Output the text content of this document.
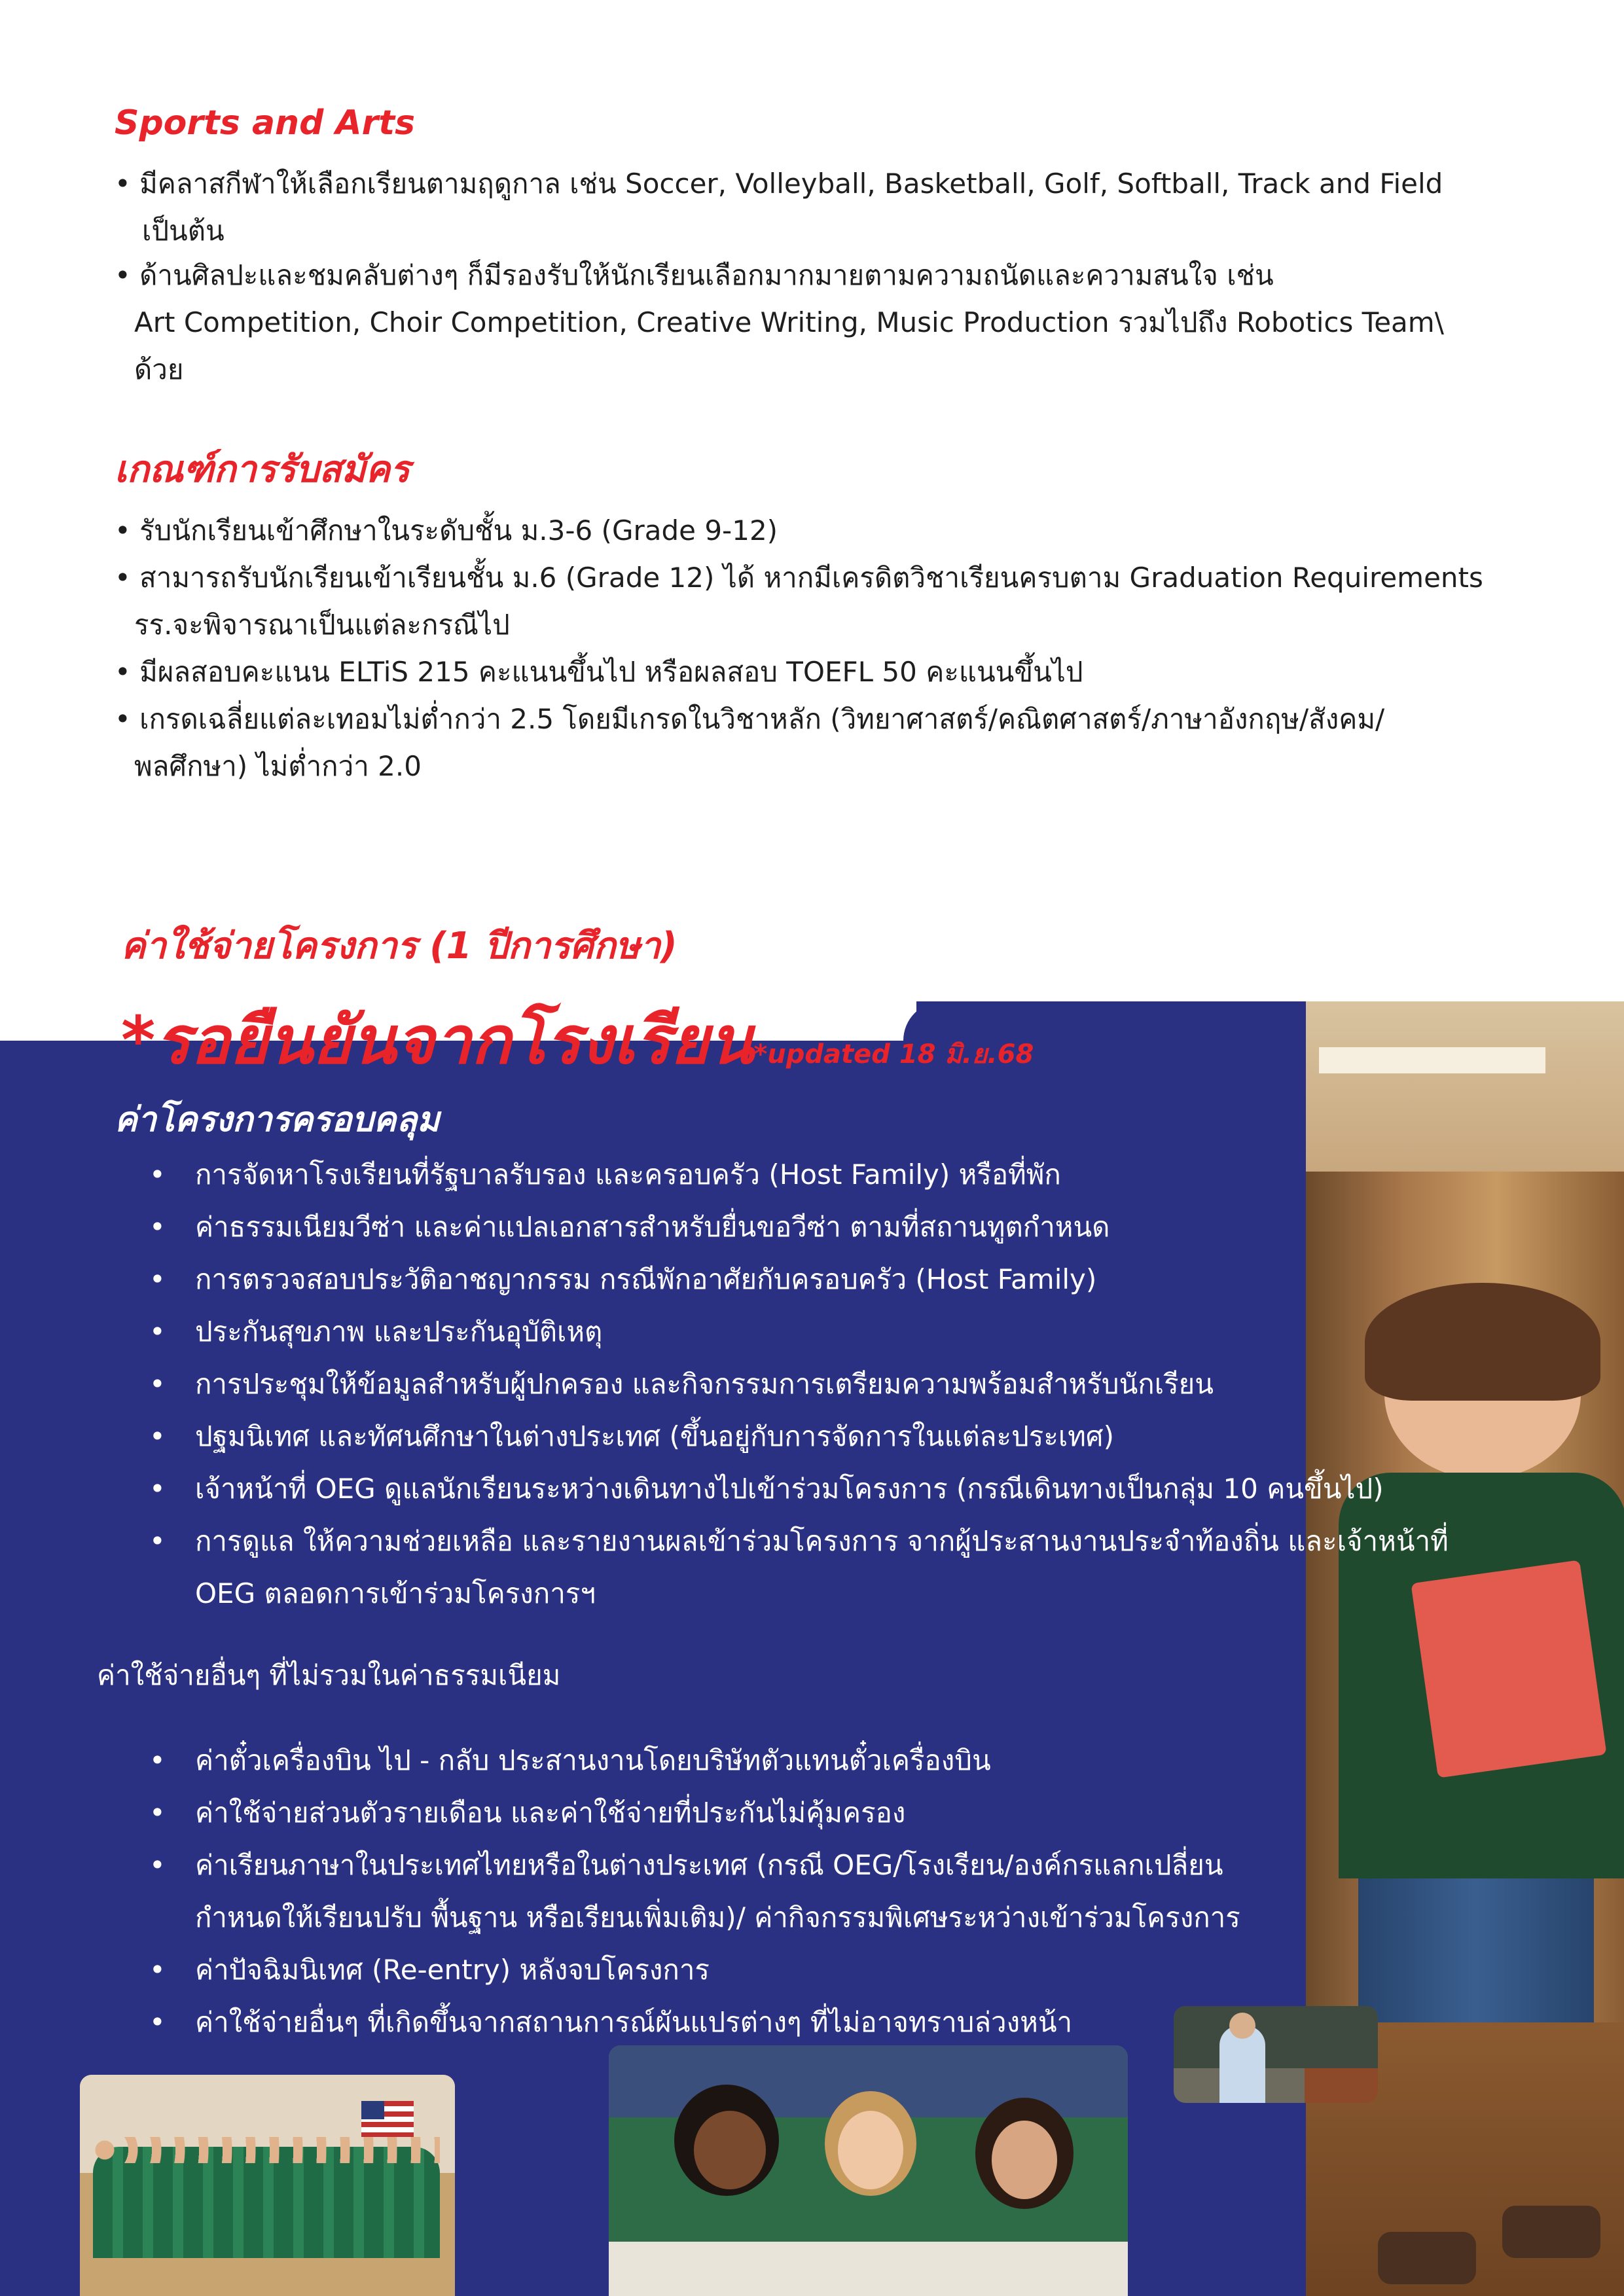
Sports and Arts
• มีคลาสกีฬาให้เลือกเรียนตามฤดูกาล เช่น Soccer, Volleyball, Basketball, Golf, Softball, Track and Field
เป็นต้น
• ด้านศิลปะและชมคลับต่างๆ ก็มีรองรับให้นักเรียนเลือกมากมายตามความถนัดและความสนใจ เช่น
Art Competition, Choir Competition, Creative Writing, Music Production รวมไปถึง Robotics Team\
ด้วย
เกณฑ์การรับสมัคร
• รับนักเรียนเข้าศึกษาในระดับชั้น ม.3-6 (Grade 9-12)
• สามารถรับนักเรียนเข้าเรียนชั้น ม.6 (Grade 12) ได้ หากมีเครดิตวิชาเรียนครบตาม Graduation Requirements
รร.จะพิจารณาเป็นแต่ละกรณีไป
• มีผลสอบคะแนน ELTiS 215 คะแนนขึ้นไป หรือผลสอบ TOEFL 50 คะแนนขึ้นไป
• เกรดเฉลี่ยแต่ละเทอมไม่ต่ำกว่า 2.5 โดยมีเกรดในวิชาหลัก (วิทยาศาสตร์/คณิตศาสตร์/ภาษาอังกฤษ/สังคม/
พลศึกษา) ไม่ต่ำกว่า 2.0
ค่าใช้จ่ายโครงการ (1 ปีการศึกษา)
*รอยืนยันจากโรงเรียน*updated 18 มิ.ย.68
ค่าโครงการครอบคลุม
• การจัดหาโรงเรียนที่รัฐบาลรับรอง และครอบครัว (Host Family) หรือที่พัก
• ค่าธรรมเนียมวีซ่า และค่าแปลเอกสารสำหรับยื่นขอวีซ่า ตามที่สถานทูตกำหนด
• การตรวจสอบประวัติอาชญากรรม กรณีพักอาศัยกับครอบครัว (Host Family)
• ประกันสุขภาพ และประกันอุบัติเหตุ
• การประชุมให้ข้อมูลสำหรับผู้ปกครอง และกิจกรรมการเตรียมความพร้อมสำหรับนักเรียน
• ปฐมนิเทศ และทัศนศึกษาในต่างประเทศ (ขึ้นอยู่กับการจัดการในแต่ละประเทศ)
• เจ้าหน้าที่ OEG ดูแลนักเรียนระหว่างเดินทางไปเข้าร่วมโครงการ (กรณีเดินทางเป็นกลุ่ม 10 คนขึ้นไป)
• การดูแล ให้ความช่วยเหลือ และรายงานผลเข้าร่วมโครงการ จากผู้ประสานงานประจำท้องถิ่น และเจ้าหน้าที่
OEG ตลอดการเข้าร่วมโครงการฯ
ค่าใช้จ่ายอื่นๆ ที่ไม่รวมในค่าธรรมเนียม
• ค่าตั๋วเครื่องบิน ไป - กลับ ประสานงานโดยบริษัทตัวแทนตั๋วเครื่องบิน
• ค่าใช้จ่ายส่วนตัวรายเดือน และค่าใช้จ่ายที่ประกันไม่คุ้มครอง
• ค่าเรียนภาษาในประเทศไทยหรือในต่างประเทศ (กรณี OEG/โรงเรียน/องค์กรแลกเปลี่ยน
กำหนดให้เรียนปรับ พื้นฐาน หรือเรียนเพิ่มเติม)/ ค่ากิจกรรมพิเศษระหว่างเข้าร่วมโครงการ
• ค่าปัจฉิมนิเทศ (Re-entry) หลังจบโครงการ
• ค่าใช้จ่ายอื่นๆ ที่เกิดขึ้นจากสถานการณ์ผันแปรต่างๆ ที่ไม่อาจทราบล่วงหน้า
